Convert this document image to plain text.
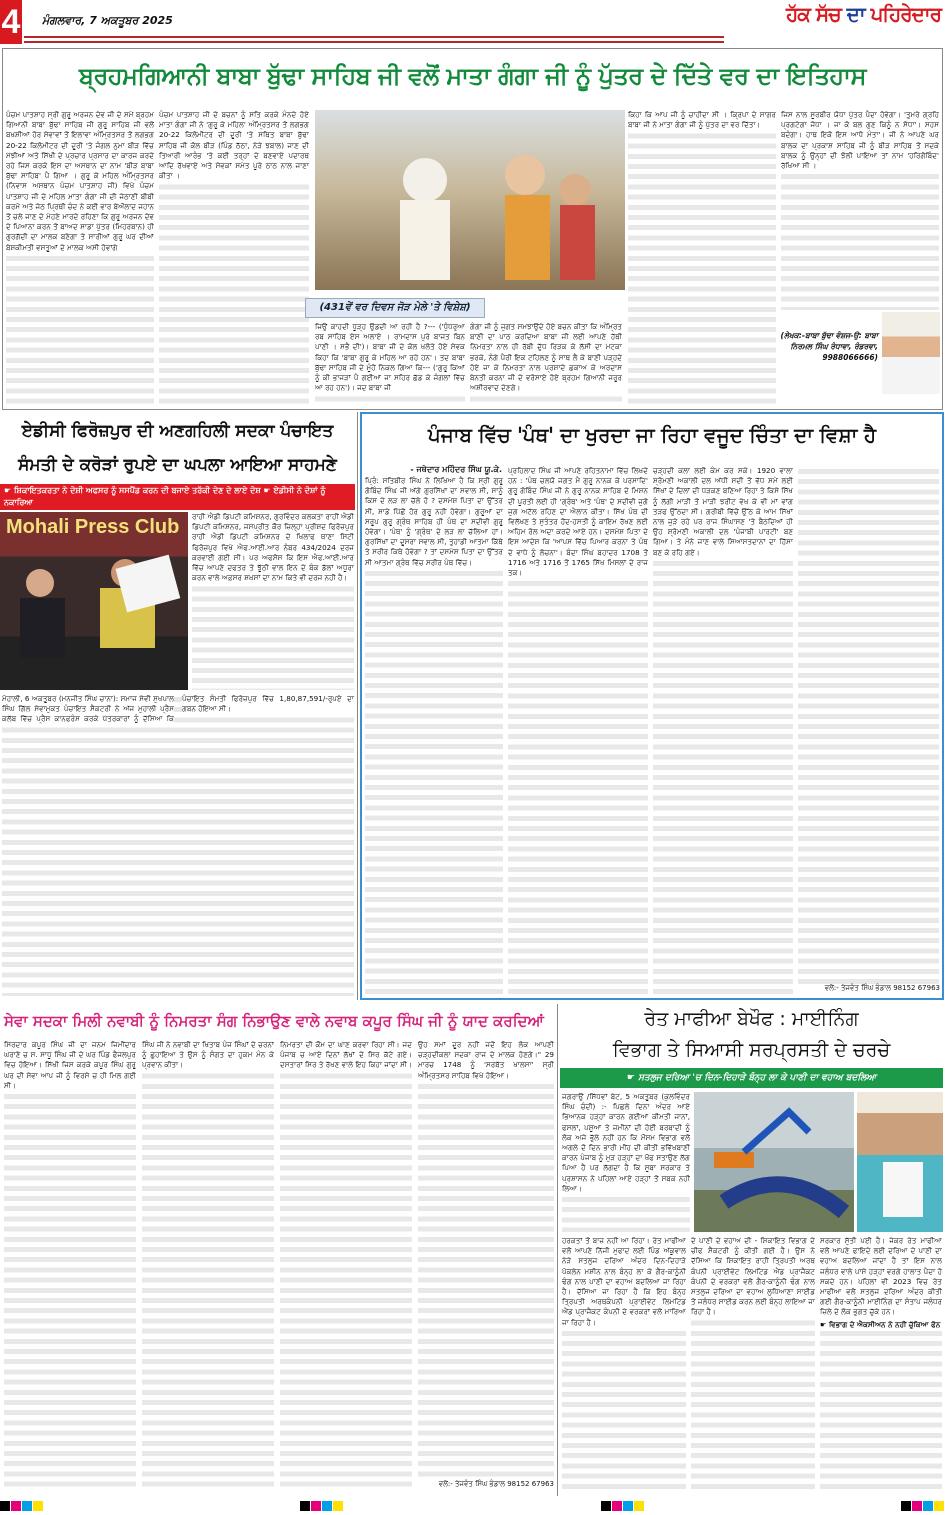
4 ਮੰਗਲਵਾਰ, 7 ਅਕਤੂਬਰ 2025	ਹੱਕ ਸੱਚ ਦਾ ਪਹਿਰੇਦਾਰ
ਬ੍ਰਹਮਗਿਆਨੀ ਬਾਬਾ ਬੁੱਢਾ ਸਾਹਿਬ ਜੀ ਵਲੋਂ ਮਾਤਾ ਗੰਗਾ ਜੀ ਨੂੰ ਪੁੱਤਰ ਦੇ ਦਿੱਤੇ ਵਰ ਦਾ ਇਤਿਹਾਸ

ਪੰਚਮ ਪਾਤਸ਼ਾਹ ਸ੍ਰੀ ਗੁਰੂ ਅਰਜਨ ਦੇਵ ਜੀ ਦੇ ਸਮੇਂ ਬ੍ਰਹਮ ਗਿਆਨੀ ਬਾਬਾ ਬੁੱਢਾ ਸਾਹਿਬ ਜੀ ਗੁਰੂ ਸਾਹਿਬ ਜੀ ਵਲੋਂ ਬਖਸ਼ੀਆਂ ਹੋਰ ਸੇਵਾਵਾਂ ਤੋਂ ਇਲਾਵਾ ਅੰਮ੍ਰਿਤਸਰ ਤੋਂ ਲਗਭਗ 20-22 ਕਿਲੋਮੀਟਰ ਦੀ ਦੂਰੀ 'ਤੇ ਜੰਗਲ ਨੁਮਾ ਬੀੜ ਵਿੱਚ ਮੱਝੀਆਂ ਅਤੇ ਸਿੱਖੀ ਦੇ ਪ੍ਰਚਾਰ ਪ੍ਰਸਾਰ ਦਾ ਕਾਰਜ ਕਰਦੇ ਰਹੇ ਜਿਸ ਕਰਕੇ ਇਸ ਦਾ ਅਸਥਾਨ ਦਾ ਨਾਮ 'ਬੀੜ ਬਾਬਾ ਬੁੱਢਾ ਸਾਹਿਬ' ਪੈ ਗਿਆ । ਗੁਰੂ ਕੇ ਮਹਿਲ ਅੰਮ੍ਰਿਤਸਰ (ਨਿਵਾਸ ਅਸਥਾਨ ਪੰਚਮ ਪਾਤਸ਼ਾਹ ਜੀ) ਵਿਖੇ ਪੰਚਮ ਪਾਤਸ਼ਾਹ ਜੀ ਦੇ ਮਹਿਲ ਮਾਤਾ ਗੰਗਾ ਜੀ ਦੀ ਜੇਠਾਣੀ ਬੀਬੀ ਕਰਮੋ ਅਤੇ ਜੇਠ ਪ੍ਰਿਥੀ ਚੰਦ ਨੇ ਕਈ ਵਾਰ ਬੇਔਲਾਦ ਜਹਾਨ ਤੋਂ ਚਲੇ ਜਾਣ ਦੇ ਮੇਹਣੇ ਮਾਰਦੇ ਰਹਿਣਾ ਕਿ ਗੁਰੂ ਅਰਜਨ ਦੇਵ ਦੇ ਪਿਆਨਾ ਕਰਨ ਤੋਂ ਬਾਅਦ ਸਾਡਾ ਪੁੱਤਰ (ਮਿਹਰਬਾਨ) ਹੀ ਗੁਰਗੱਦੀ ਦਾ ਮਾਲਕ ਬਣੇਗਾ ਤੇ ਸਾਰੀਆਂ ਗੁਰੂ ਘਰ ਦੀਆਂ ਬੇਸ਼ਕੀਮਤੀ ਵਸਤੂਆਂ ਦੇ ਮਾਲਕ ਅਸੀ ਹੋਵਾਂਗੇ

ਪੰਚਮ ਪਾਤਸ਼ਾਹ ਜੀ ਦੇ ਬਚਨਾਂ ਨੂੰ ਸਤਿ ਕਰਕੇ ਮੰਨਦੇ ਹੋਏ ਮਾਤਾ ਗੰਗਾ ਜੀ ਨੇ 'ਗੁਰੂ ਕੇ ਮਹਿਲ' ਅੰਮ੍ਰਿਤਸਰ ਤੋਂ ਲਗਭਗ 20-22 ਕਿਲੋਮੀਟਰ ਦੀ ਦੂਰੀ 'ਤੇ ਸਥਿਤ ਬਾਬਾ ਬੁੱਢਾ ਸਾਹਿਬ ਜੀ ਕੋਲ ਬੀੜ (ਪਿੰਡ ਠੱਠਾ, ਨੇੜੇ ਝਬਾਲ) ਜਾਣ ਦੀ ਤਿਆਰੀ ਆਰੰਭ 'ਤੇ ਕਈ ਤਰ੍ਹਾਂ ਦੇ ਬਣਵਾਏ ਪਦਾਰਥ ਆਦਿ ਰੱਖਵਾਏ ਅਤੇ ਸੇਵਕਾਂ ਸਮੇਤ ਪੂਰੇ ਠਾਠ ਨਾਲ ਜਾਣਾ ਕੀਤਾ ।

(431ਵੇਂ ਵਰ ਦਿਵਸ ਜੋੜ ਮੇਲੇ 'ਤੇ ਵਿਸ਼ੇਸ਼)

ਜਿਉਂ ਕਾਹਦੀ ਧੂੜ੍ਹ ਉਡਦੀ ਆ ਰਹੀ ਹੈ ?--- ('ਧੁੰਧਰੁਆ ਰਬ ਸਾਹਿਬ ਏਸ ਅਲਾਏ । ਰਾਮਦਾਸ ਪੁਰੇ ਬਾਜਤ ਬਿਨ ਪਾਣੀ । ਸਭੈ ਦੀ')। ਬਾਬਾ ਜੀ ਦੇ ਕੋਲ ਖਲੋਤੇ ਹੋਏ ਸੇਵਕ ਕਿਹਾ ਕਿ 'ਬਾਬਾ ਗੁਰੂ ਕੇ ਮਹਿਲ ਆ ਰਹੇ ਹਨ'। ਤਦ ਬਾਬਾ ਬੁੱਢਾ ਸਾਹਿਬ ਜੀ ਦੇ ਮੂੰਹੋਂ ਨਿਕਲ ਗਿਆ ਕਿ--- ('ਗੁਰੂ ਕਿਆਂ ਨੂੰ ਕੀ ਭਾਜੜਾਂ ਪੈ ਗਈਆਂ ਜਾ ਸਹਿਰ ਛੱਡ ਕੇ ਜੰਗਲਾਂ ਵਿੱਚ ਆ ਰਹ ਹਨ')। ਜਦ ਬਾਬਾ ਜੀ

ਗੰਗਾ ਜੀ ਨੂੰ ਜੁਗਤ ਸਮਝਾਉਂਦੇ ਹੋਏ ਬਚਨ ਕੀਤਾ ਕਿ ਅੰਮ੍ਰਿਤ ਬਾਣੀ ਦਾ ਪਾਠ ਕਰਦਿਆ ਬਾਬਾ ਜੀ ਲਈ ਆਪਣੇ ਹੱਥੀ ਨਿਮਰਤਾ ਨਾਲ ਹੀ ਰੱਬੀ ਦੁੱਧ ਰਿੜਕ ਕੇ ਲੱਸੀ ਦਾ ਮਟਕਾ ਭਰਕੇ, ਨੰਗੇ ਪੈਰੀ ਇਕ ਟਹਿਲਣ ਨੂੰ ਸਾਥ ਲੈ ਕੇ ਬਾਣੀ ਪੜ੍ਹਦੇ ਹੋਏ ਜਾ ਕੇ ਨਿਮਰਤਾ ਨਾਲ ਪ੍ਰਸ਼ਾਦੇ ਛਕਾਅ ਕੇ ਅਰਦਾਸ ਬੇਨਤੀ ਕਰਨਾ ਜੀ ਦੇ ਵਰੋਸਾਏ ਹੋਏ ਬ੍ਰਹਮ ਗਿਆਨੀ ਜਰੂਰ ਅਸ਼ੀਰਵਾਦ ਦੇਣਗੇ।

ਕਿਹਾ ਕਿ ਆਪ ਜੀ ਨੂੰ ਚਾਹੀਦਾ ਸੀ । ਕ੍ਰਿਪਾ ਦੇ ਸਾਗਰ ਬਾਬਾ ਜੀ ਨੇ ਮਾਤਾ ਗੰਗਾ ਜੀ ਨੂੰ ਪੁੱਤਰ ਦਾ ਵਰ ਦਿੱਤਾ।

ਜਿਸ ਨਾਲ ਸੂਰਬੀਰ ਯੋਧਾ ਪੁੱਤਰ ਪੈਦਾ ਹੋਵੇਗਾ। 'ਤੁਮਰੇ ਗ੍ਰਹਿ ਪ੍ਰਗਟੇਗਾ ਜੋਧਾ । ਜਾ ਕੋ ਬਲ ਗੁਣ ਕਿਨੂੰ ਨ ਸੋਧਾ'। ਸਹਸ ਬਦੰਗਾ। ਹਾਥ ਇਕੋ ਇਸ ਆਧੋ ਮੰਤਾ'। ਜੀ ਨੇ ਆਪਣੇ ਘਰ ਬਾਲਕ ਦਾ ਪ੍ਰਕਾਸ਼ ਸਾਹਿਬ ਜੀ ਨੂੰ ਬੀੜ ਸਾਹਿਬ ਤੋਂ ਸਦਕੇ ਬਾਲਕ ਨੂੰ ਉਨ੍ਹਾਂ ਦੀ ਝੋਲੀ ਪਾਇਆ ਤਾਂ ਨਾਮ 'ਹਰਿਗੋਬਿੰਦ' ਰੱਖਿਆ ਸੀ ।

(ਲੇਖਕ:-ਬਾਬਾ ਬੁੱਢਾ ਵੰਸ਼ਜ-ਉ: ਬਾਬਾ ਨਿਰਮਲ ਸਿੰਘ ਰੰਧਾਵਾ, ਰੰਡਰਵਾ, 9988066666)
ਏਡੀਸੀ ਫਿਰੋਜ਼ਪੁਰ ਦੀ ਅਣਗਹਿਲੀ ਸਦਕਾ ਪੰਚਾਇਤ
ਸੰਮਤੀ ਦੇ ਕਰੋੜਾਂ ਰੁਪਏ ਦਾ ਘਪਲਾ ਆਇਆ ਸਾਹਮਣੇ
☛ ਸ਼ਿਕਾਇਤਕਰਤਾ ਨੇ ਦੋਸ਼ੀ ਅਫਸਰ ਨੂੰ ਸਸਪੈਂਡ ਕਰਨ ਦੀ ਬਜਾਏ ਤਰੱਕੀ ਦੇਣ ਦੇ ਲਾਏ ਦੋਸ਼ ☛ ਏਡੀਸੀ ਨੇ ਦੋਸ਼ਾਂ ਨੂੰ ਨਕਾਰਿਆ
Mohali Press Club	ਰਾਹੀਂ ਐਡੀ ਡਿਪਟੀ ਕਮਿਸ਼ਨਰ, ਗੁਰਵਿੰਦਰ ਕਲਕਤਾ ਰਾਹੀਂ ਐਡੀ ਡਿਪਟੀ ਕਮਿਸ਼ਨਰ, ਜਸਪ੍ਰੀਤ ਕੌਰ ਜ਼ਿਲ੍ਹਾ ਪ੍ਰੀਸ਼ਦ ਫਿਰੋਜ਼ਪੁਰ ਰਾਹੀਂ ਐਡੀ ਡਿਪਟੀ ਕਮਿਸ਼ਨਰ ਦੇ ਖਿਲਾਫ ਥਾਣਾ ਸਿਟੀ ਫਿਰੋਜ਼ਪੁਰ ਵਿਖੇ ਐਫ.ਆਈ.ਆਰ ਨੰਬਰ 434/2024 ਦਰਜ ਕਰਵਾਈ ਗਈ ਸੀ। ਪਰ ਅਫਸੋਸ ਕਿ ਇਸ ਐਫ.ਆਈ.ਆਰ ਵਿੱਚ ਆਪਣੇ ਦਫਤਰ ਤੇ ਝੂੱਠੀ ਵਾਲ ਇਨ ਦੇ ਬੰਕ ਡੱਲਾਂ ਅਧੂਰਾ ਕਰਨ ਵਾਲੇ ਅਫ਼ਸਰ ਸ਼ਖ਼ਸਾਂ ਦਾ ਨਾਮ ਕਿਤੇ ਵੀ ਦਰਜ ਨਹੀ ਹੈ।

ਮੋਹਾਲੀ, 6 ਅਕਤੂਬਰ (ਮਨਜੀਤ ਸਿੰਘ ਚਾਨਾ): ਸਮਾਜ ਸੇਵੀ ਸੁਖਪਾਲ ਸਿੰਘ ਗਿੱਲ ਸੇਵਾਮੁਕਤ ਪੰਚਾਇਤ ਸੈਕਟਰੀ ਨੇ ਅੱਜ ਮੁਹਾਲੀ ਪ੍ਰੈਸ ਕਲੱਬ ਵਿੱਚ ਪ੍ਰੈਸ ਕਾਨਫਰੰਸ ਕਰਕੇ ਪੱਤਰਕਾਰਾਂ ਨੂੰ ਦੱਸਿਆ ਕਿ ਪੰਚਾਇਤ ਸੰਮਤੀ ਫਿਰੋਜ਼ਪੁਰ ਵਿੱਚ 1,80,87,591/-ਰੁਪਏ ਦਾ ਗਬਨ ਹੋਇਆ ਸੀ।

ਪੰਜਾਬ ਵਿੱਚ 'ਪੰਥ' ਦਾ ਖੁਰਦਾ ਜਾ ਰਿਹਾ ਵਜੂਦ ਚਿੰਤਾ ਦਾ ਵਿਸ਼ਾ ਹੈ
- ਜਥੇਦਾਰ ਮਹਿੰਦਰ ਸਿੰਘ ਯੂ.ਕੇ.

ਪ੍ਰਿੰ: ਸਤਿਬੀਰ ਸਿੰਘ ਨੇ ਲਿਖਿਆ ਹੈ ਕਿ ਸ੍ਰੀ ਗੁਰੂ ਗੋਬਿੰਦ ਸਿੰਘ ਜੀ ਅੱਗੇ ਗੁਰਸਿੱਖਾਂ ਦਾ ਸਵਾਲ ਸੀ, ਸਾਨੂੰ ਕਿਸ ਦੇ ਲੜ ਲਾ ਚੱਲੇ ਹੋ ? ਦਸਮੇਸ਼ ਪਿਤਾ ਦਾ ਉੱਤਰ ਸੀ, ਸਾਡੇ ਪਿੱਛੋਂ ਹੋਰ ਗੁਰੂ ਨਹੀਂ ਹੋਵੇਗਾ। ਗੁਰੂਆਂ ਦਾ ਸਰੂਪ ਗੁਰੂ ਗ੍ਰੰਥ ਸਾਹਿਬ ਹੀ ਪੰਥ ਦਾ ਸਦੀਵੀ ਗੁਰੂ ਹੋਵੇਗਾ। 'ਪੰਥ' ਨੂੰ 'ਗ੍ਰੰਥ' ਦੇ ਲੜ ਲਾ ਚੱਲਿਆ ਹਾਂ। ਗੁਰਸਿੱਖਾਂ ਦਾ ਦੂਸਰਾ ਸਵਾਲ ਸੀ, ਤੁਹਾਡੀ ਆਤਮਾ ਕਿੱਥੇ ਤੇ ਸਰੀਰ ਕਿਥੇ ਹੋਵੇਗਾ ? ਤਾਂ ਦਸਮੇਸ਼ ਪਿਤਾ ਦਾ ਉੱਤਰ ਸੀ ਆਤਮਾ ਗ੍ਰੰਥ ਵਿੱਚ ਸਰੀਰ ਪੰਥ ਵਿੱਚ।

ਪ੍ਰਹਿਲਾਦ ਸਿੰਘ ਜੀ ਆਪਣੇ ਰਹਿਤਨਾਮਾ ਵਿੱਚ ਲਿਖਦੇ ਹਨ : 'ਪੰਥ ਚਲਯੋ ਜਗਤ ਮੈ ਗੁਰੂ ਨਾਨਕ ਕੇ ਪਰਸਾਦਿ' ਗੁਰੂ ਗੋਬਿੰਦ ਸਿੰਘ ਜੀ ਨੇ ਗੁਰੂ ਨਾਨਕ ਸਾਹਿਬ ਦੇ ਮਿਸ਼ਨ ਦੀ ਪੂਰਤੀ ਲਈ ਹੀ 'ਗ੍ਰੰਥ' ਅਤੇ 'ਪੰਥ' ਦੇ ਸਦੀਵੀ ਜੁਗੋ ਜੁਗ ਅਟੱਲ ਰਹਿਣ ਦਾ ਐਲਾਨ ਕੀਤਾ। ਸਿੱਖ ਪੰਥ ਦੀ ਵਿਲੱਖਣ ਤੇ ਸੁਤੰਤਰ ਹੋਂਦ-ਹਸਤੀ ਨੂੰ ਕਾਇਮ ਰੱਖਣ ਲਈ ਅਹਿਮ ਰੋਲ ਅਦਾ ਕਰਦੇ ਆਏ ਹਨ। ਦਸਮੇਸ਼ ਪਿਤਾ ਦੇ ਇਸ ਆਦੇਸ਼ ਕਿ 'ਆਪਸ ਵਿੱਚ ਪਿਆਰ ਕਰਨਾ ਤੇ ਪੰਥ ਦੇ ਵਾਧੇ ਨੂੰ ਲੋਚਨਾ'। ਬੰਦਾ ਸਿੰਘ ਬਹਾਦਰ 1708 ਤੋਂ 1716 ਅਤੇ 1716 ਤੋਂ 1765 ਸਿੱਖ ਮਿਸਲਾਂ ਦੇ ਰਾਜ ਤਕ।

ਚੜ੍ਹਦੀ ਕਲਾ ਲਈ ਕੰਮ ਕਰ ਸਕੇ। 1920 ਵਾਲਾ ਸ਼੍ਰੋਮਣੀ ਅਕਾਲੀ ਦਲ ਅੱਧੀ ਸਦੀ ਤੋਂ ਵੱਧ ਸਮੇਂ ਲਈ ਸਿੱਖਾਂ ਦੇ ਦਿਲਾਂ ਦੀ ਧੜਕਣ ਬਣਿਆ ਰਿਹਾ ਤੇ ਕਿਸੇ ਸਿੱਖ ਨੂੰ ਲੱਗੀ ਮਾੜੀ ਤੋਂ ਮਾੜੀ ਝਰੀਟ ਵੇਖ ਕੇ ਵੀ ਮਾਂ ਵਾਂਗ ਤੜਫ ਉੱਠਦਾ ਸੀ। ਗਰੀਬੀ ਵਿੱਚੋਂ ਉੱਠ ਕੇ ਆਮ ਸਿੱਖਾਂ ਨਾਲ ਜੁੜੇ ਰਹੇ ਪਰ ਰਾਜ ਸਿੰਘਾਸਣ 'ਤੇ ਬੈਠਦਿਆਂ ਹੀ ਉਹ ਸ਼੍ਰੋਮਣੀ ਅਕਾਲੀ ਦਲ 'ਪੰਜਾਬੀ ਪਾਰਟੀ' ਬਣ ਗਿਆ। ਤੇ ਮੰਨੇ ਜਾਣ ਵਾਲੇ ਸਿਆਸਤਦਾਨਾਂ ਦਾ ਹਿੱਸਾ ਬਣ ਕੇ ਰਹਿ ਗਏ।

ਵਲੋਂ:- ਤੇਜਵੰਤ ਸਿੰਘ ਭੰਡਾਲ 98152 67963
ਸੇਵਾ ਸਦਕਾ ਮਿਲੀ ਨਵਾਬੀ ਨੂੰ ਨਿਮਰਤਾ ਸੰਗ ਨਿਭਾਉਣ ਵਾਲੇ ਨਵਾਬ ਕਪੂਰ ਸਿੰਘ ਜੀ ਨੂੰ ਯਾਦ ਕਰਦਿਆਂ

ਸਿਰਦਾਰ ਕਪੂਰ ਸਿੰਘ ਜੀ ਦਾ ਜਨਮ ਜਿਮੀਂਦਾਰ ਘਰਾਣੇ ਚ ਸ. ਸਾਧੂ ਸਿੰਘ ਜੀ ਦੇ ਘਰ ਪਿੰਡ ਫੈਜਲਪੁਰ ਵਿਚ ਹੋਇਆ। ਸਿੱਖੀ ਜਿਸ ਕਰਕੇ ਕਪੂਰ ਸਿੰਘ ਗੁਰੂ ਘਰ ਦੀ ਸੇਵਾ ਆਪ ਜੀ ਨੂੰ ਵਿਰਸੇ ਚ ਹੀ ਮਿਲ ਗਈ ਸੀ।

ਸਿੰਘ ਜੀ ਨੇ ਨਵਾਬੀ ਦਾ ਖਿਤਾਬ ਪੰਜ ਸਿੰਘਾਂ ਦੇ ਚਰਨਾਂ ਨੂੰ ਛੁਹਾਇਆ ਤੇ ਉਸ ਨੂੰ ਸੰਗਤ ਦਾ ਹੁਕਮ ਮੰਨ ਕੇ ਪ੍ਰਵਾਨ ਕੀਤਾ।

ਨਿਮਰਤਾ ਦੀ ਕੌਮ ਦਾ ਘਾਣ ਕਰਵਾ ਰਿਹਾ ਸੀ। ਜਦ ਪੰਜਾਬ ਚ ਆਏ ਦਿਨਾਂ ਲੱਖਾਂ ਦੇ ਸਿਰ ਕੱਟੇ ਗਏ। ਦਸਤਾਰਾਂ ਸਿਰ ਤੇ ਰੱਖਣ ਵਾਲੇ ਇਹ ਕਿਹਾ ਜਾਂਦਾ ਸੀ।

ਉਹ ਸਮਾਂ ਦੂਰ ਨਹੀਂ ਜਦੋਂ ਇਹ ਲੋਕ ਆਪਣੀ ਚੜ੍ਹਦੀਕਲਾ ਸਦਕਾ ਰਾਜ ਦੇ ਮਾਲਕ ਹੋਣਗੇ।" 29 ਮਾਰਚ 1748 ਨੂੰ 'ਸਰਬੱਤ ਖਾਲਸਾ' ਸ੍ਰੀ ਅੰਮ੍ਰਿਤਸਰ ਸਾਹਿਬ ਵਿਖੇ ਹੋਇਆ।

ਵਲੋਂ:- ਤੇਜਵੰਤ ਸਿੰਘ ਭੰਡਾਲ 98152 67963
ਰੇਤ ਮਾਫੀਆ ਬੇਖੌਫ : ਮਾਈਨਿੰਗ
ਵਿਭਾਗ ਤੇ ਸਿਆਸੀ ਸਰਪ੍ਰਸਤੀ ਦੇ ਚਰਚੇ
☛ ਸਤਲੁਜ ਦਰਿਆ 'ਚ ਦਿਨ-ਦਿਹਾੜੇ ਬੰਨ੍ਹ ਲਾ ਕੇ ਪਾਣੀ ਦਾ ਵਹਾਅ ਬਦਲਿਆ

ਜਗਰਾਉਂ /ਸਿੱਧਵਾਂ ਬੇਟ, 5 ਅਕਤੂਬਰ (ਕੁਲਵਿੰਦਰ ਸਿੰਘ ਚੰਦੀ) :- ਪਿਛਲੇ ਦਿਨਾ ਅੰਦਰ ਆਏ ਭਿਆਨਕ ਹੜ੍ਹਾਂ ਕਾਰਨ ਗਈਆਂ ਕੀਮਤੀ ਜਾਨਾਂ, ਫਸਲਾਂ, ਪਸ਼ੂਆਂ ਤੇ ਜ਼ਮੀਨਾਂ ਦੀ ਹੋਈ ਬਰਬਾਦੀ ਨੂੰ ਲੋਕ ਅਜੇ ਭੁੱਲੇ ਨਹੀਂ ਹਨ ਕਿ ਮੌਸਮ ਵਿਭਾਗ ਵਲੋਂ ਅਗਲੇ ਦੋ ਦਿਨ ਭਾਰੀ ਮੀਂਹ ਦੀ ਕੀਤੀ ਭਵਿੱਖਬਾਣੀ ਕਾਰਨ ਪੰਜਾਬ ਨੂੰ ਮੁੜ ਹੜ੍ਹਾਂ ਦਾ ਖੌਫ ਸਤਾਉਣ ਲੱਗ ਪਿਆ ਹੈ ਪਰ ਲੱਗਦਾ ਹੈ ਕਿ ਸੂਬਾ ਸਰਕਾਰ ਤੇ ਪ੍ਰਸ਼ਾਸਨ ਨੇ ਪਹਿਲਾਂ ਆਏ ਹੜ੍ਹਾਂ ਤੋਂ ਸਬਕ ਨਹੀਂ ਲਿਆ।

ਹਰਕਤਾਂ ਤੋਂ ਬਾਜ਼ ਨਹੀਂ ਆ ਰਿਹਾ। ਰੇਤ ਮਾਫੀਆ ਵਲੋਂ ਆਪਣੇ ਨਿੱਜੀ ਮੁਫਾਦ ਲਈ ਪਿੰਡ ਅੱਕੂਵਾਲ ਨੇੜੇ ਸਤਲੁਜ ਦਰਿਆ ਅੰਦਰ ਦਿਨ-ਦਿਹਾੜੇ ਪੋਕਲੇਨ ਮਸ਼ੀਨ ਨਾਲ ਬੰਨ੍ਹ ਲਾ ਕੇ ਗੈਰ-ਕਾਨੂੰਨੀ ਢੰਗ ਨਾਲ ਪਾਣੀ ਦਾ ਵਹਾਅ ਬਦਲਿਆ ਜਾ ਰਿਹਾ ਹੈ। ਦੱਸਿਆ ਜਾ ਰਿਹਾ ਹੈ ਕਿ ਇਹ ਬੰਨ੍ਹ ਤ੍ਰਿਪਤੀ ਅਰਥਕੰਪਨੀ ਪ੍ਰਾਈਵੇਟ ਲਿਮਟਿਡ ਐਂਡ ਪ੍ਰਾਜੈਕਟ ਕੰਪਨੀ ਦੇ ਵਰਕਰਾਂ ਵਲੋਂ ਮਾਰਿਆ ਜਾ ਰਿਹਾ ਹੈ।

ਦੇ ਪਾਣੀ ਦੇ ਵਹਾਅ ਦੀ - ਸ਼ਿਕਾਇਤ ਵਿਭਾਗ ਦੇ ਚੀਫ ਸੈਕਟਰੀ ਨੂੰ ਕੀਤੀ ਗਈ ਹੈ। ਉਸ ਨੇ ਦੱਸਿਆ ਕਿ ਸ਼ਿਕਾਇਤ ਰਾਹੀਂ ਤ੍ਰਿਪਤੀ ਅਰਥ ਕੰਪਨੀ ਪ੍ਰਾਈਵੇਟ ਲਿਮਟਿਡ ਐਂਡ ਪ੍ਰਾਜੈਕਟ ਕੰਪਨੀ ਦੇ ਵਰਕਰਾਂ ਵਲੋਂ ਗੈਰ-ਕਾਨੂੰਨੀ ਢੰਗ ਨਾਲ ਸਤਲੁਜ ਦਰਿਆ ਦਾ ਵਹਾਅ ਲੁਧਿਆਣਾ ਸਾਈਡ ਤੋਂ ਜਲੰਧਰ ਸਾਈਡ ਕਰਨ ਲਈ ਬੰਨ੍ਹ ਲਾਇਆ ਜਾ ਰਿਹਾ ਹੈ।

ਸਰਕਾਰ ਸੁੱਤੀ ਪਈ ਹੈ। ਜੇਕਰ ਰੇਤ ਮਾਫੀਆ ਵਲੋਂ ਆਪਣੇ ਫਾਇਦੇ ਲਈ ਦਰਿਆ ਦੇ ਪਾਣੀ ਦਾ ਵਹਾਅ ਬਦਲਿਆ ਜਾਂਦਾ ਹੈ ਤਾਂ ਇਸ ਨਾਲ ਜਲੰਧਰ ਵਾਲੇ ਪਾਸੇ ਹੜ੍ਹਾਂ ਵਰਗੇ ਹਾਲਾਤ ਪੈਦਾ ਹੋ ਸਕਦੇ ਹਨ। ਪਹਿਲਾਂ ਵੀ 2023 ਵਿਚ ਰੇਤ ਮਾਫੀਆ ਵਲੋਂ ਸਤਲੁਜ ਦਰਿਆ ਅੰਦਰ ਕੀਤੀ ਗਈ ਗੈਰ-ਕਾਨੂੰਨੀ ਮਾਈਨਿੰਗ ਦਾ ਸੰਤਾਪ ਜਲੰਧਰ ਜ਼ਿਲੇ ਦੇ ਲੋਕ ਭੁਗਤ ਚੁੱਕੇ ਹਨ।

☛ ਵਿਭਾਗ ਦੇ ਐਕਸੀਅਨ ਨੇ ਨਹੀਂ ਚੁੱਕਿਆ ਫੋਨ
